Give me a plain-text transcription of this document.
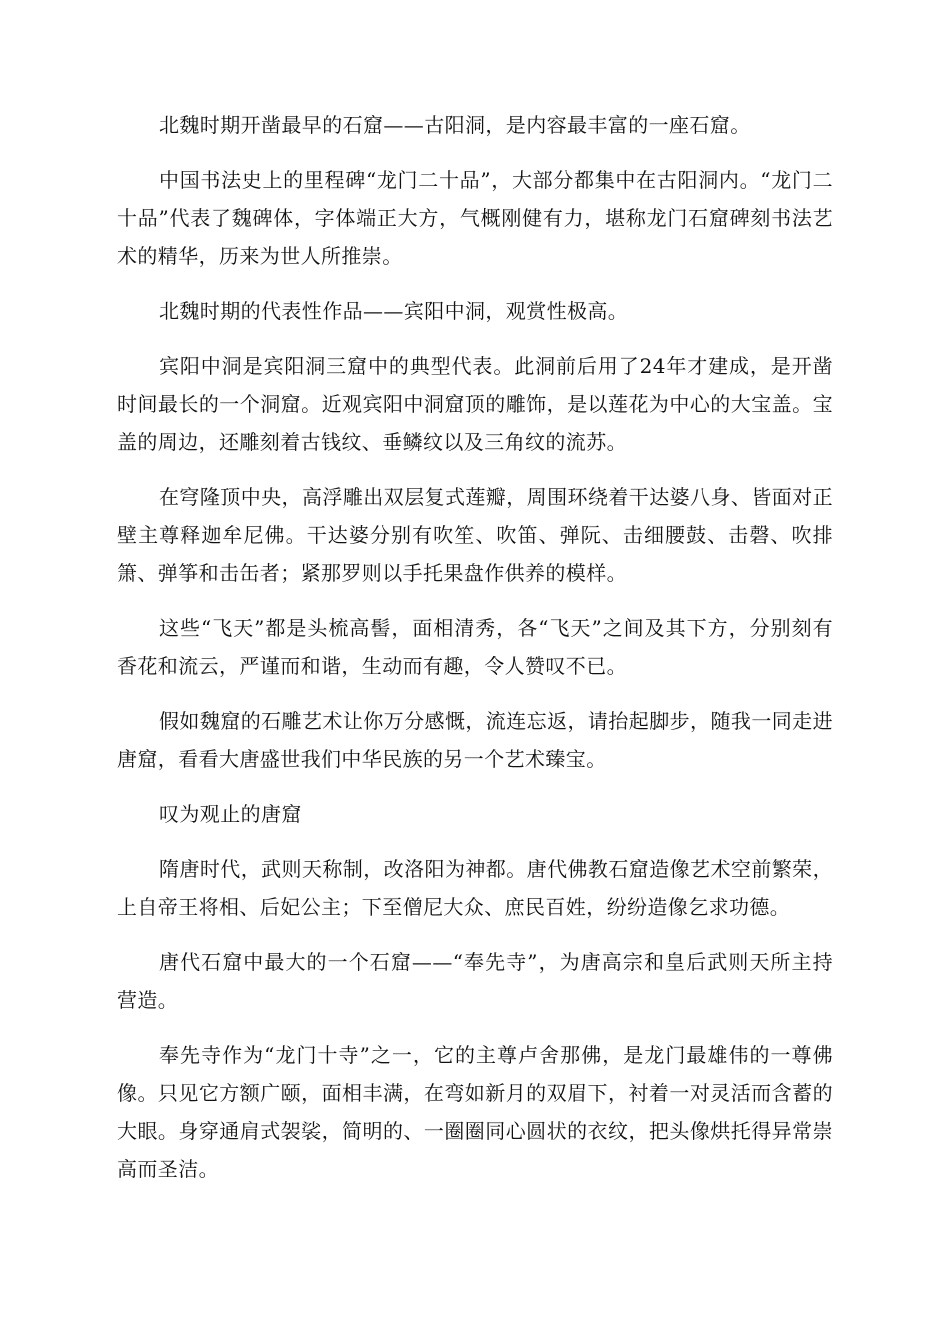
北魏时期开凿最早的石窟——古阳洞，是内容最丰富的一座石窟。

中国书法史上的里程碑“龙门二十品”，大部分都集中在古阳洞内。“龙门二十品”代表了魏碑体，字体端正大方，气概刚健有力，堪称龙门石窟碑刻书法艺术的精华，历来为世人所推崇。

北魏时期的代表性作品——宾阳中洞，观赏性极高。

宾阳中洞是宾阳洞三窟中的典型代表。此洞前后用了24年才建成，是开凿时间最长的一个洞窟。近观宾阳中洞窟顶的雕饰，是以莲花为中心的大宝盖。宝盖的周边，还雕刻着古钱纹、垂鳞纹以及三角纹的流苏。

在穹隆顶中央，高浮雕出双层复式莲瓣，周围环绕着干达婆八身、皆面对正壁主尊释迦牟尼佛。干达婆分别有吹笙、吹笛、弹阮、击细腰鼓、击磬、吹排箫、弹筝和击缶者；紧那罗则以手托果盘作供养的模样。

这些“飞天”都是头梳高髻，面相清秀，各“飞天”之间及其下方，分别刻有香花和流云，严谨而和谐，生动而有趣，令人赞叹不已。

假如魏窟的石雕艺术让你万分感慨，流连忘返，请抬起脚步，随我一同走进唐窟，看看大唐盛世我们中华民族的另一个艺术臻宝。

叹为观止的唐窟

隋唐时代，武则天称制，改洛阳为神都。唐代佛教石窟造像艺术空前繁荣，上自帝王将相、后妃公主；下至僧尼大众、庶民百姓，纷纷造像乞求功德。

唐代石窟中最大的一个石窟——“奉先寺”，为唐高宗和皇后武则天所主持营造。

奉先寺作为“龙门十寺”之一，它的主尊卢舍那佛，是龙门最雄伟的一尊佛像。只见它方额广颐，面相丰满，在弯如新月的双眉下，衬着一对灵活而含蓄的大眼。身穿通肩式袈裟，简明的、一圈圈同心圆状的衣纹，把头像烘托得异常崇高而圣洁。
